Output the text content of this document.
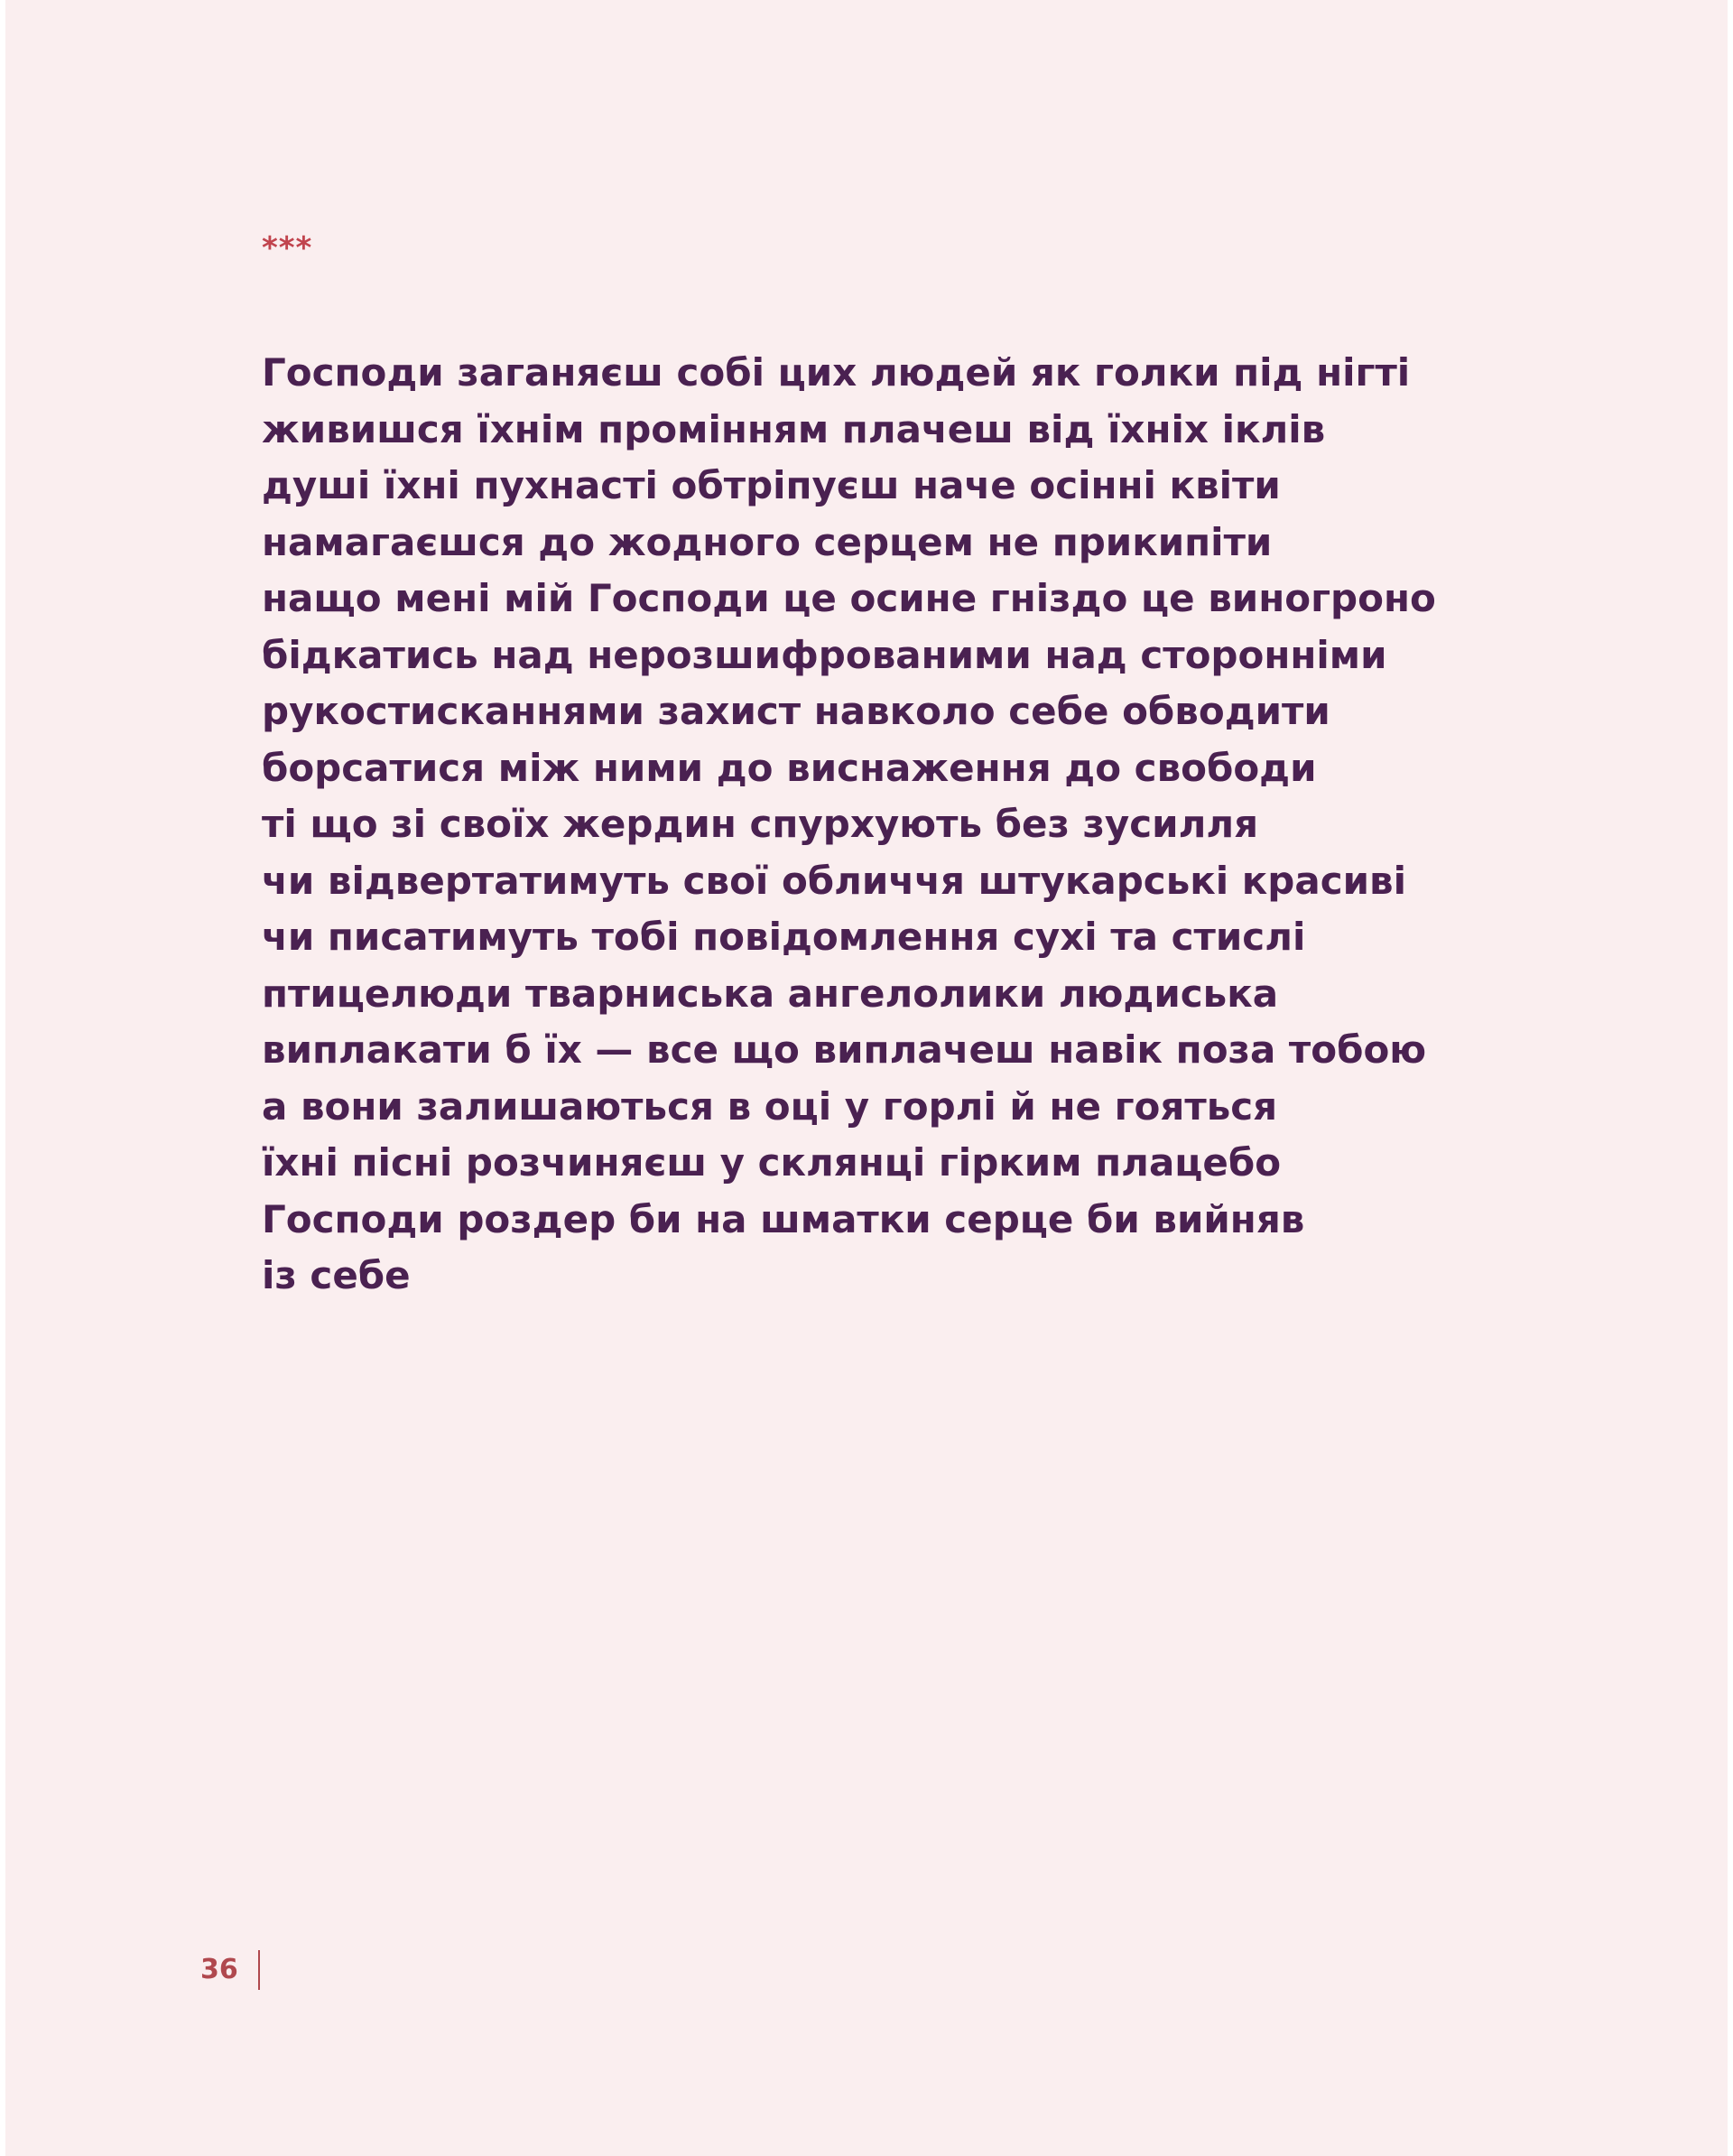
***
Господи заганяєш собі цих людей як голки під нігті
живишся їхнім промінням плачеш від їхніх іклів
душі їхні пухнасті обтріпуєш наче осінні квіти
намагаєшся до жодного серцем не прикипіти
нащо мені мій Господи це осине гніздо це виногроно
бідкатись над нерозшифрованими над сторонніми
рукостисканнями захист навколо себе обводити
борсатися між ними до виснаження до свободи
ті що зі своїх жердин спурхують без зусилля
чи відвертатимуть свої обличчя штукарські красиві
чи писатимуть тобі повідомлення сухі та стислі
птицелюди тварниська ангелолики людиська
виплакати б їх — все що виплачеш навік поза тобою
а вони залишаються в оці у горлі й не гояться
їхні пісні розчиняєш у склянці гірким плацебо
Господи роздер би на шматки серце би вийняв
із себе
36
